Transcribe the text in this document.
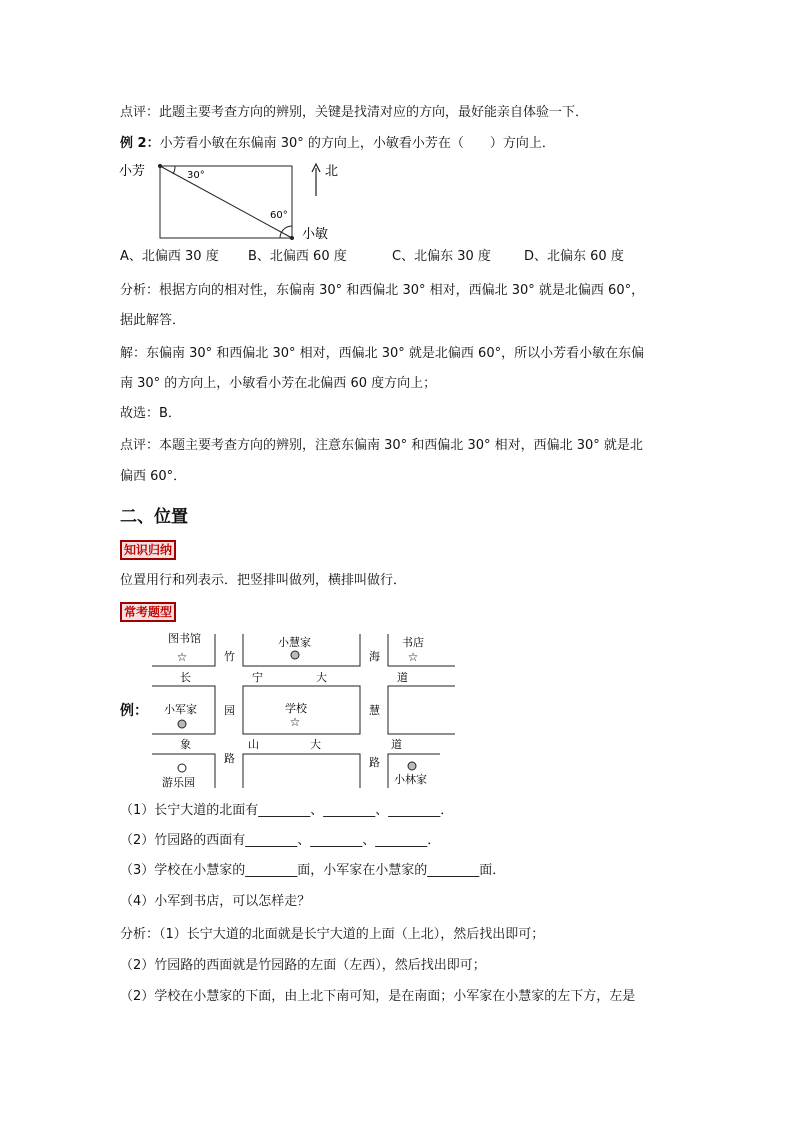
点评：此题主要考查方向的辨别，关键是找清对应的方向，最好能亲自体验一下．
例 2：小芳看小敏在东偏南 30° 的方向上，小敏看小芳在（　　）方向上．
小芳	30°
60°
小敏
北
A、北偏西 30 度 B、北偏西 60 度	C、北偏东 30 度	D、北偏东 60 度
分析：根据方向的相对性，东偏南 30° 和西偏北 30° 相对，西偏北 30° 就是北偏西 60°，
据此解答．
解：东偏南 30° 和西偏北 30° 相对，西偏北 30° 就是北偏西 60°，所以小芳看小敏在东偏
南 30° 的方向上，小敏看小芳在北偏西 60 度方向上；
故选：B．
点评：本题主要考查方向的辨别，注意东偏南 30° 和西偏北 30° 相对，西偏北 30° 就是北
偏西 60°．
二、位置
知识归纳
位置用行和列表示．把竖排叫做列，横排叫做行．
常考题型
例：
图书馆
☆
小慧家	书店
☆
小军家	学校
☆
游乐园	小林家
竹
园
路
海
慧
路
长	宁	大	道
象	山	大	道
（1）长宁大道的北面有________、________、________．
（2）竹园路的西面有________、________、________．
（3）学校在小慧家的________面，小军家在小慧家的________面．
（4）小军到书店，可以怎样走？
分析：（1）长宁大道的北面就是长宁大道的上面（上北），然后找出即可；
（2）竹园路的西面就是竹园路的左面（左西），然后找出即可；
（2）学校在小慧家的下面，由上北下南可知，是在南面；小军家在小慧家的左下方，左是
